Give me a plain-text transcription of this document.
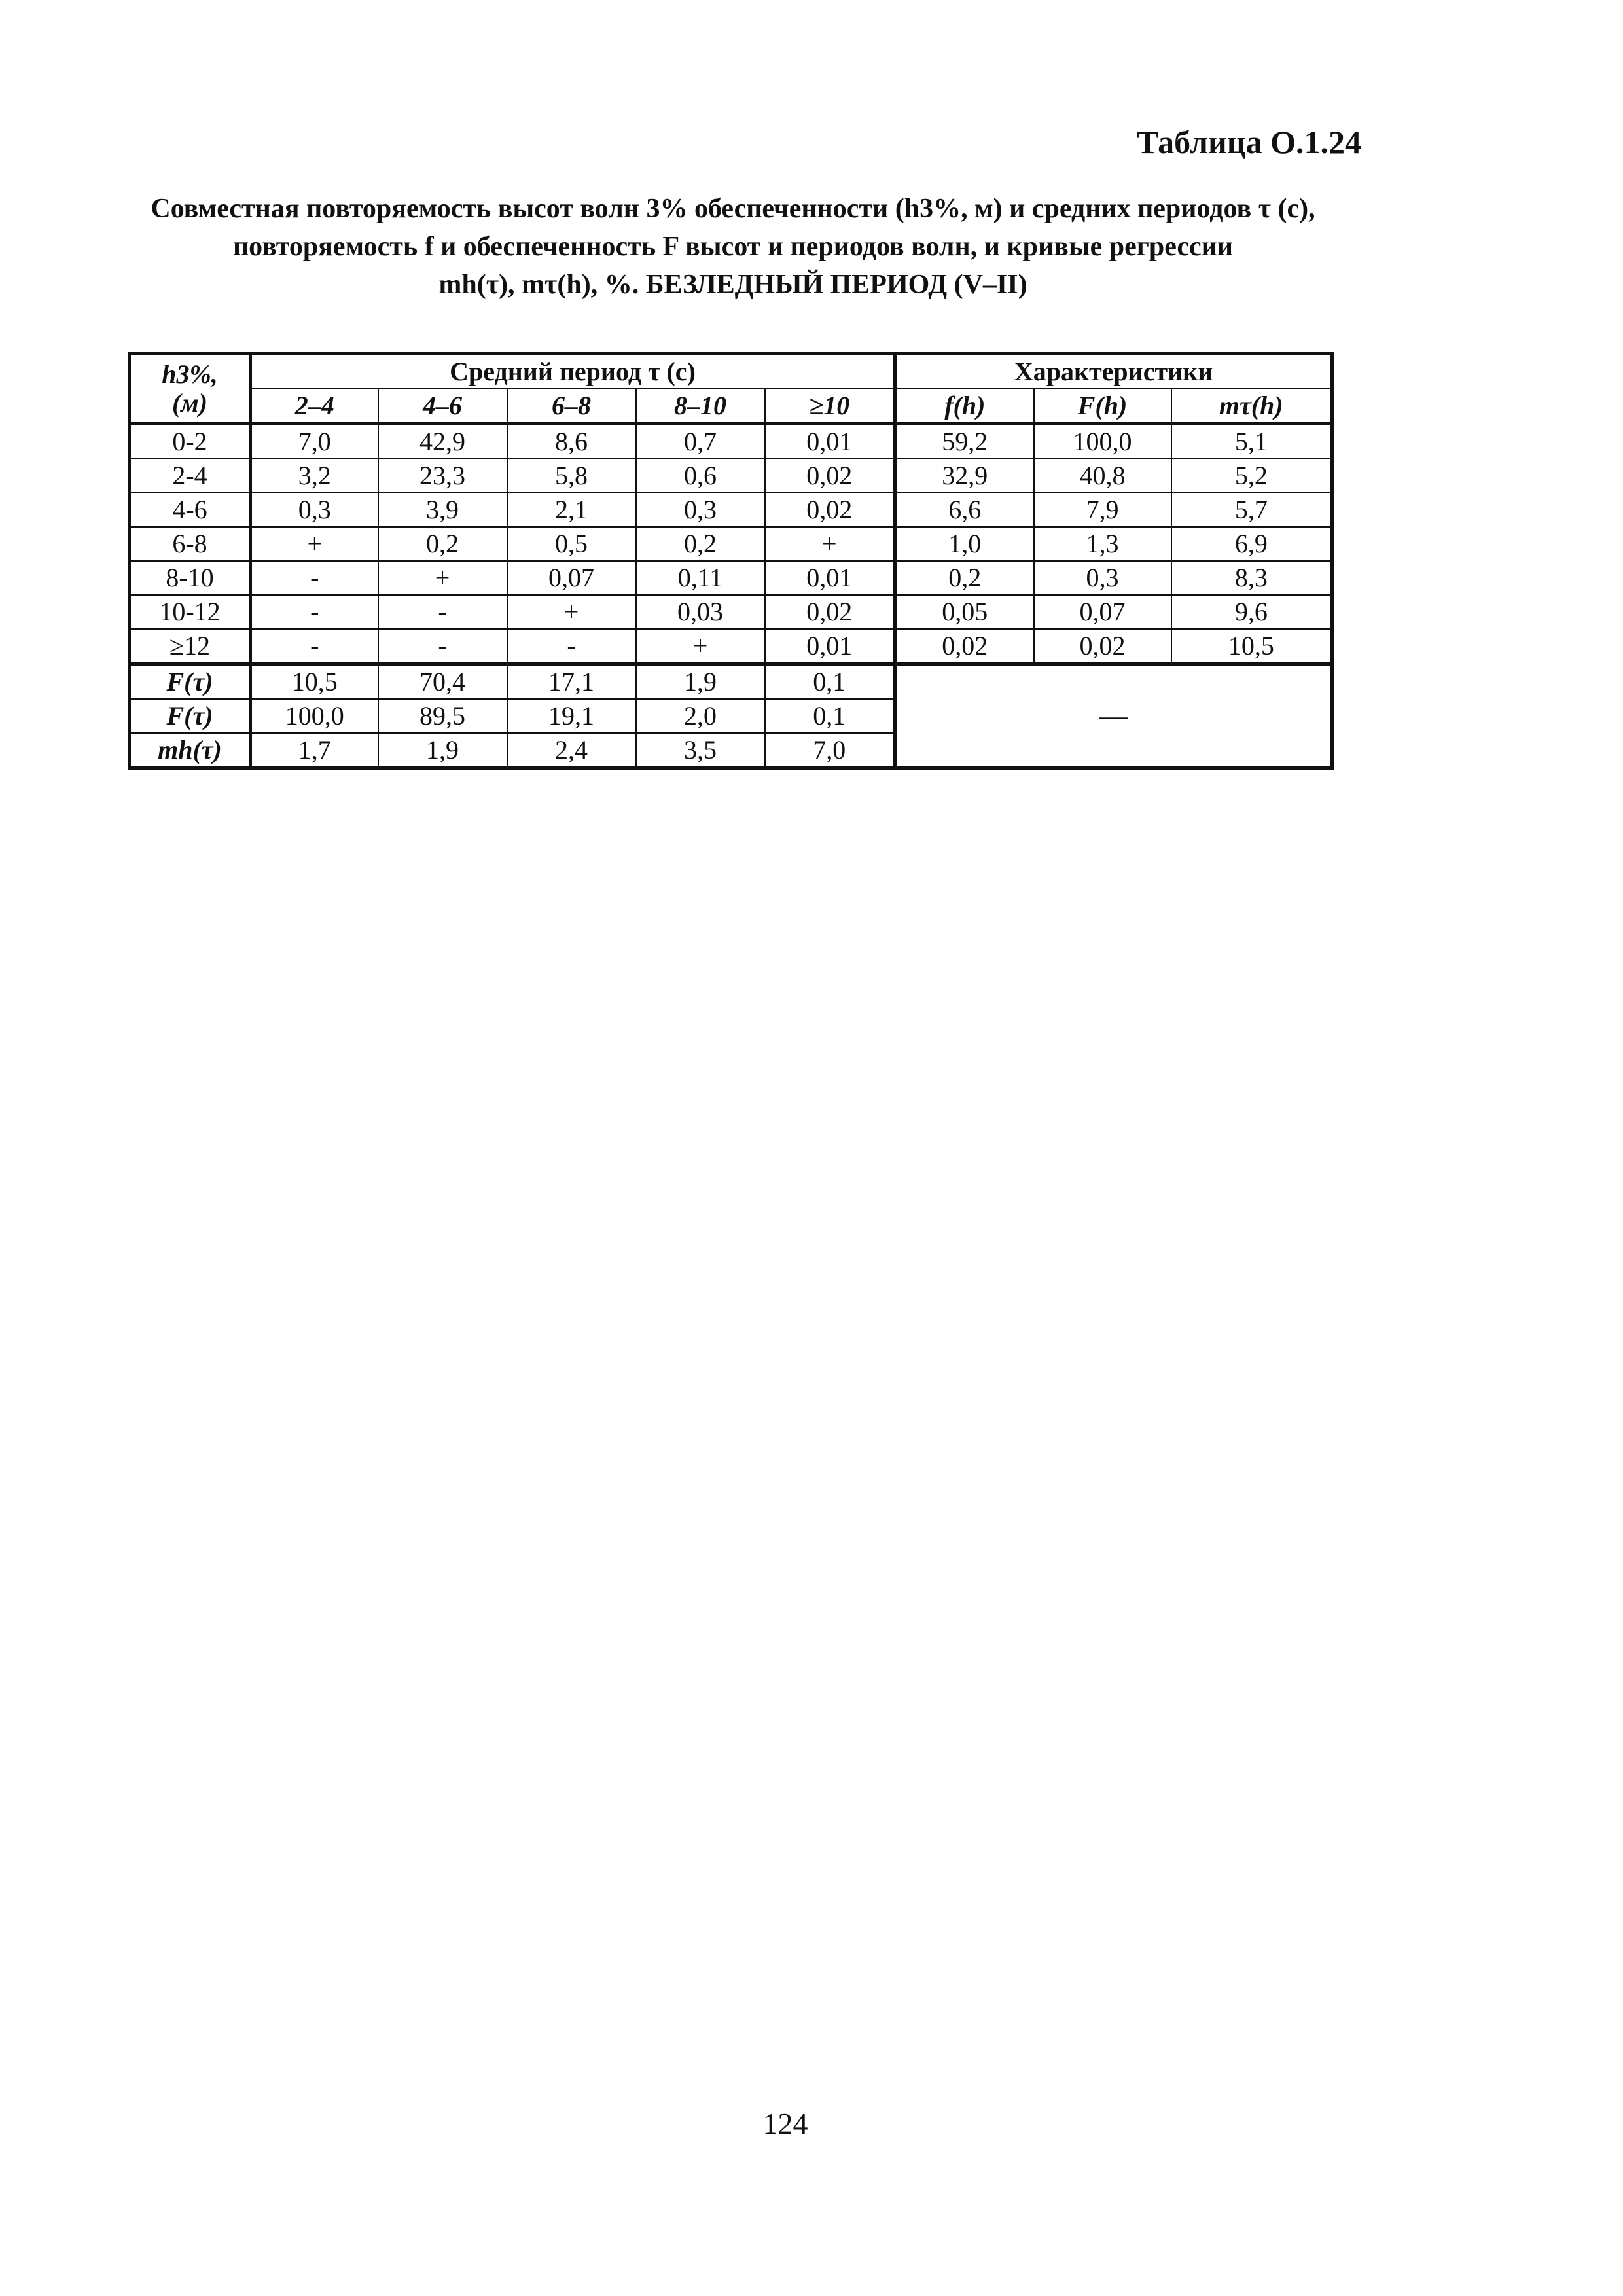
Таблица О.1.24
Совместная повторяемость высот волн 3% обеспеченности (h3%, м) и средних периодов τ (с),
повторяемость f и обеспеченность F высот и периодов волн, и кривые регрессии
mh(τ), mτ(h), %. БЕЗЛЕДНЫЙ ПЕРИОД (V–II)
h3%,
(м)	Средний период τ (с)					Характеристики		
	2–4	4–6	6–8	8–10	≥10	f(h)	F(h)	mτ(h)
0-2	7,0	42,9	8,6	0,7	0,01	59,2	100,0	5,1
2-4	3,2	23,3	5,8	0,6	0,02	32,9	40,8	5,2
4-6	0,3	3,9	2,1	0,3	0,02	6,6	7,9	5,7
6-8	+	0,2	0,5	0,2	+	1,0	1,3	6,9
8-10	-	+	0,07	0,11	0,01	0,2	0,3	8,3
10-12	-	-	+	0,03	0,02	0,05	0,07	9,6
≥12	-	-	-	+	0,01	0,02	0,02	10,5
F(τ)	10,5	70,4	17,1	1,9	0,1	—		
F(τ)	100,0	89,5	19,1	2,0	0,1			
mh(τ)	1,7	1,9	2,4	3,5	7,0			
124
